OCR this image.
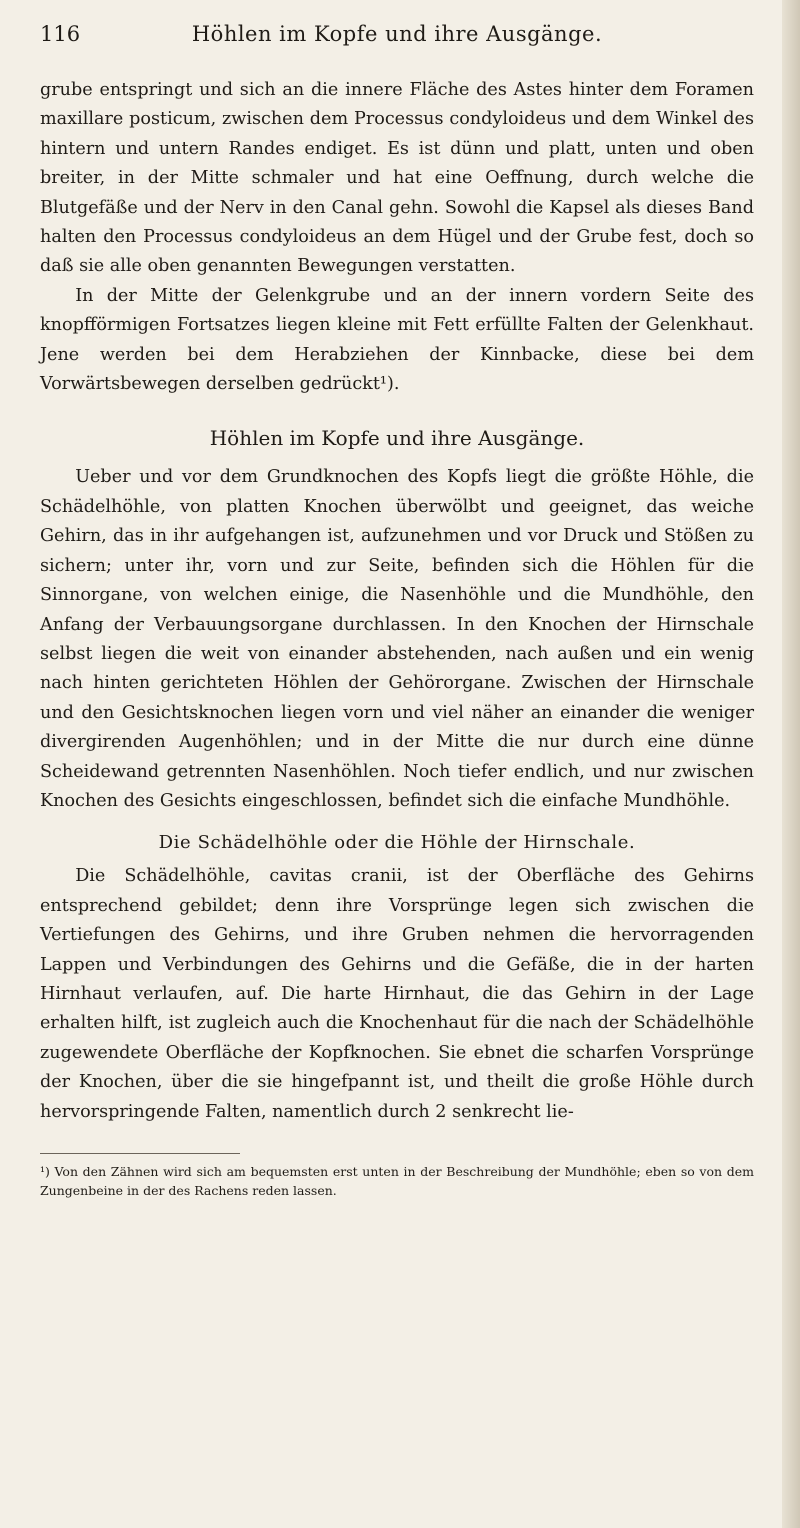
116	Höhlen im Kopfe und ihre Ausgänge.

grube entspringt und sich an die innere Fläche des Astes hinter dem Foramen maxillare posticum, zwischen dem Processus condyloideus und dem Winkel des hintern und untern Randes endiget. Es ist dünn und platt, unten und oben breiter, in der Mitte schmaler und hat eine Oeffnung, durch welche die Blutgefäße und der Nerv in den Canal gehn. Sowohl die Kapsel als dieses Band halten den Processus condyloideus an dem Hügel und der Grube fest, doch so daß sie alle oben genannten Bewegungen verstatten.

In der Mitte der Gelenkgrube und an der innern vordern Seite des knopfförmigen Fortsatzes liegen kleine mit Fett erfüllte Falten der Gelenkhaut. Jene werden bei dem Herabziehen der Kinnbacke, diese bei dem Vorwärtsbewegen derselben gedrückt¹).

Höhlen im Kopfe und ihre Ausgänge.

Ueber und vor dem Grundknochen des Kopfs liegt die größte Höhle, die Schädelhöhle, von platten Knochen überwölbt und geeignet, das weiche Gehirn, das in ihr aufgehangen ist, aufzunehmen und vor Druck und Stößen zu sichern; unter ihr, vorn und zur Seite, befinden sich die Höhlen für die Sinnorgane, von welchen einige, die Nasenhöhle und die Mundhöhle, den Anfang der Verbauungsorgane durchlassen. In den Knochen der Hirnschale selbst liegen die weit von einander abstehenden, nach außen und ein wenig nach hinten gerichteten Höhlen der Gehörorgane. Zwischen der Hirnschale und den Gesichtsknochen liegen vorn und viel näher an einander die weniger divergirenden Augenhöhlen; und in der Mitte die nur durch eine dünne Scheidewand getrennten Nasenhöhlen. Noch tiefer endlich, und nur zwischen Knochen des Gesichts eingeschlossen, befindet sich die einfache Mundhöhle.

Die Schädelhöhle oder die Höhle der Hirnschale.

Die Schädelhöhle, cavitas cranii, ist der Oberfläche des Gehirns entsprechend gebildet; denn ihre Vorsprünge legen sich zwischen die Vertiefungen des Gehirns, und ihre Gruben nehmen die hervorragenden Lappen und Verbindungen des Gehirns und die Gefäße, die in der harten Hirnhaut verlaufen, auf. Die harte Hirnhaut, die das Gehirn in der Lage erhalten hilft, ist zugleich auch die Knochenhaut für die nach der Schädelhöhle zugewendete Oberfläche der Kopfknochen. Sie ebnet die scharfen Vorsprünge der Knochen, über die sie hingefpannt ist, und theilt die große Höhle durch hervorspringende Falten, namentlich durch 2 senkrecht lie-

¹) Von den Zähnen wird sich am bequemsten erst unten in der Beschreibung der Mundhöhle; eben so von dem Zungenbeine in der des Rachens reden lassen.
